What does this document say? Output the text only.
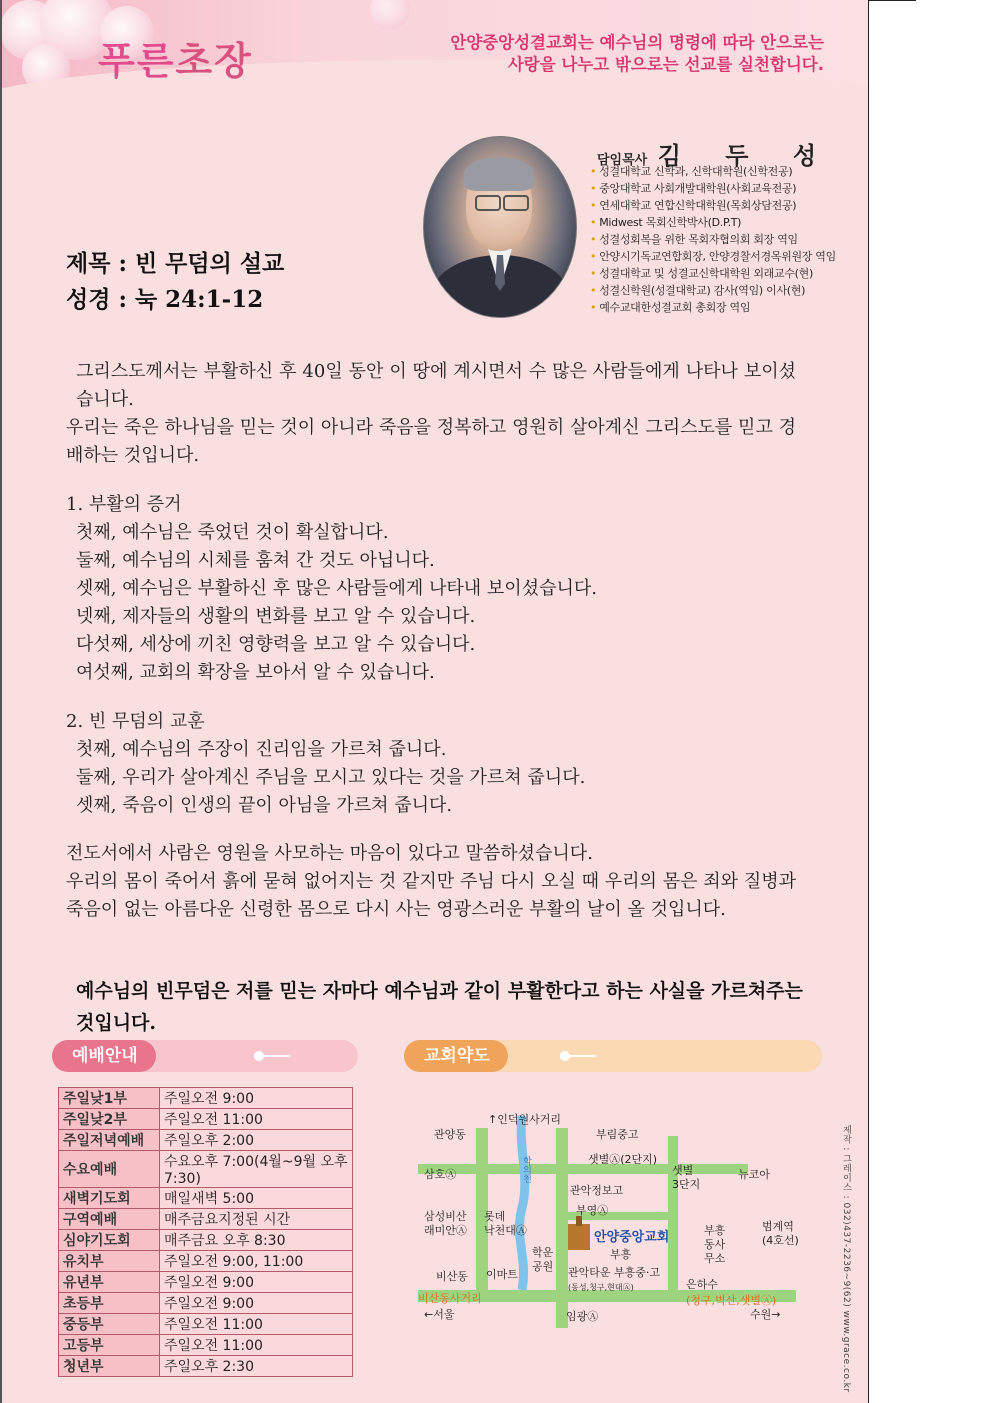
푸른초장	안양중앙성결교회는 예수님의 명령에 따라 안으로는
사랑을 나누고 밖으로는 선교를 실천합니다.
담임목사 김 두 성
• 성결대학교 신학과, 신학대학원(신학전공)
• 중앙대학교 사회개발대학원(사회교육전공)
• 연세대학교 연합신학대학원(목회상담전공)
• Midwest 목회신학박사(D.P.T)
• 성결성회복을 위한 목회자협의회 회장 역임
• 안양시기독교연합회장, 안양경찰서경목위원장 역임
• 성결대학교 및 성결교신학대학원 외래교수(현)
• 성결신학원(성결대학교) 감사(역임) 이사(현)
• 예수교대한성결교회 총회장 역임
제목 : 빈 무덤의 설교
성경 : 눅 24:1-12

그리스도께서는 부활하신 후 40일 동안 이 땅에 계시면서 수 많은 사람들에게 나타나 보이셨습니다.

우리는 죽은 하나님을 믿는 것이 아니라 죽음을 정복하고 영원히 살아계신 그리스도를 믿고 경배하는 것입니다.

1. 부활의 증거

첫째, 예수님은 죽었던 것이 확실합니다.

둘째, 예수님의 시체를 훔쳐 간 것도 아닙니다.

셋째, 예수님은 부활하신 후 많은 사람들에게 나타내 보이셨습니다.

넷째, 제자들의 생활의 변화를 보고 알 수 있습니다.

다섯째, 세상에 끼친 영향력을 보고 알 수 있습니다.

여섯째, 교회의 확장을 보아서 알 수 있습니다.

2. 빈 무덤의 교훈

첫째, 예수님의 주장이 진리임을 가르쳐 줍니다.

둘째, 우리가 살아계신 주님을 모시고 있다는 것을 가르쳐 줍니다.

셋째, 죽음이 인생의 끝이 아님을 가르쳐 줍니다.

전도서에서 사람은 영원을 사모하는 마음이 있다고 말씀하셨습니다.

우리의 몸이 죽어서 흙에 묻혀 없어지는 것 같지만 주님 다시 오실 때 우리의 몸은 죄와 질병과 죽음이 없는 아름다운 신령한 몸으로 다시 사는 영광스러운 부활의 날이 올 것입니다.

예수님의 빈무덤은 저를 믿는 자마다 예수님과 같이 부활한다고 하는 사실을 가르쳐주는 것입니다.
예배안내
주일낮1부	주일오전 9:00
주일낮2부	주일오전 11:00
주일저녁예배	주일오후 2:00
수요예배	수요오후 7:00(4월~9월 오후 7:30)
새벽기도회	매일새벽 5:00
구역예배	매주금요지정된 시간
심야기도회	매주금요 오후 8:30
유치부	주일오전 9:00, 11:00
유년부	주일오전 9:00
초등부	주일오전 9:00
중등부	주일오전 11:00
고등부	주일오전 11:00
청년부	주일오후 2:30
교회약도
안양중앙교회
관양동
↑인덕원사거리
부림중고
삼호Ⓐ
샛별Ⓐ(2단지)
샛별
3단지
뉴코아
관악정보고
삼성비산
래미안Ⓐ
롯데
낙천대Ⓐ
부영Ⓐ
부흥
부흥
동사
무소
범계역
(4호선)
학운
공원
비산동 이마트	관악타운 부흥중·고
은하수
(청구,벽산,샛별Ⓐ)
비산동사거리
←서울	임광Ⓐ	수원→
학의천
(동성,청구,현대Ⓐ)	제작 : 그레이스 : 032)437-2236~9(62) www.grace.co.kr
